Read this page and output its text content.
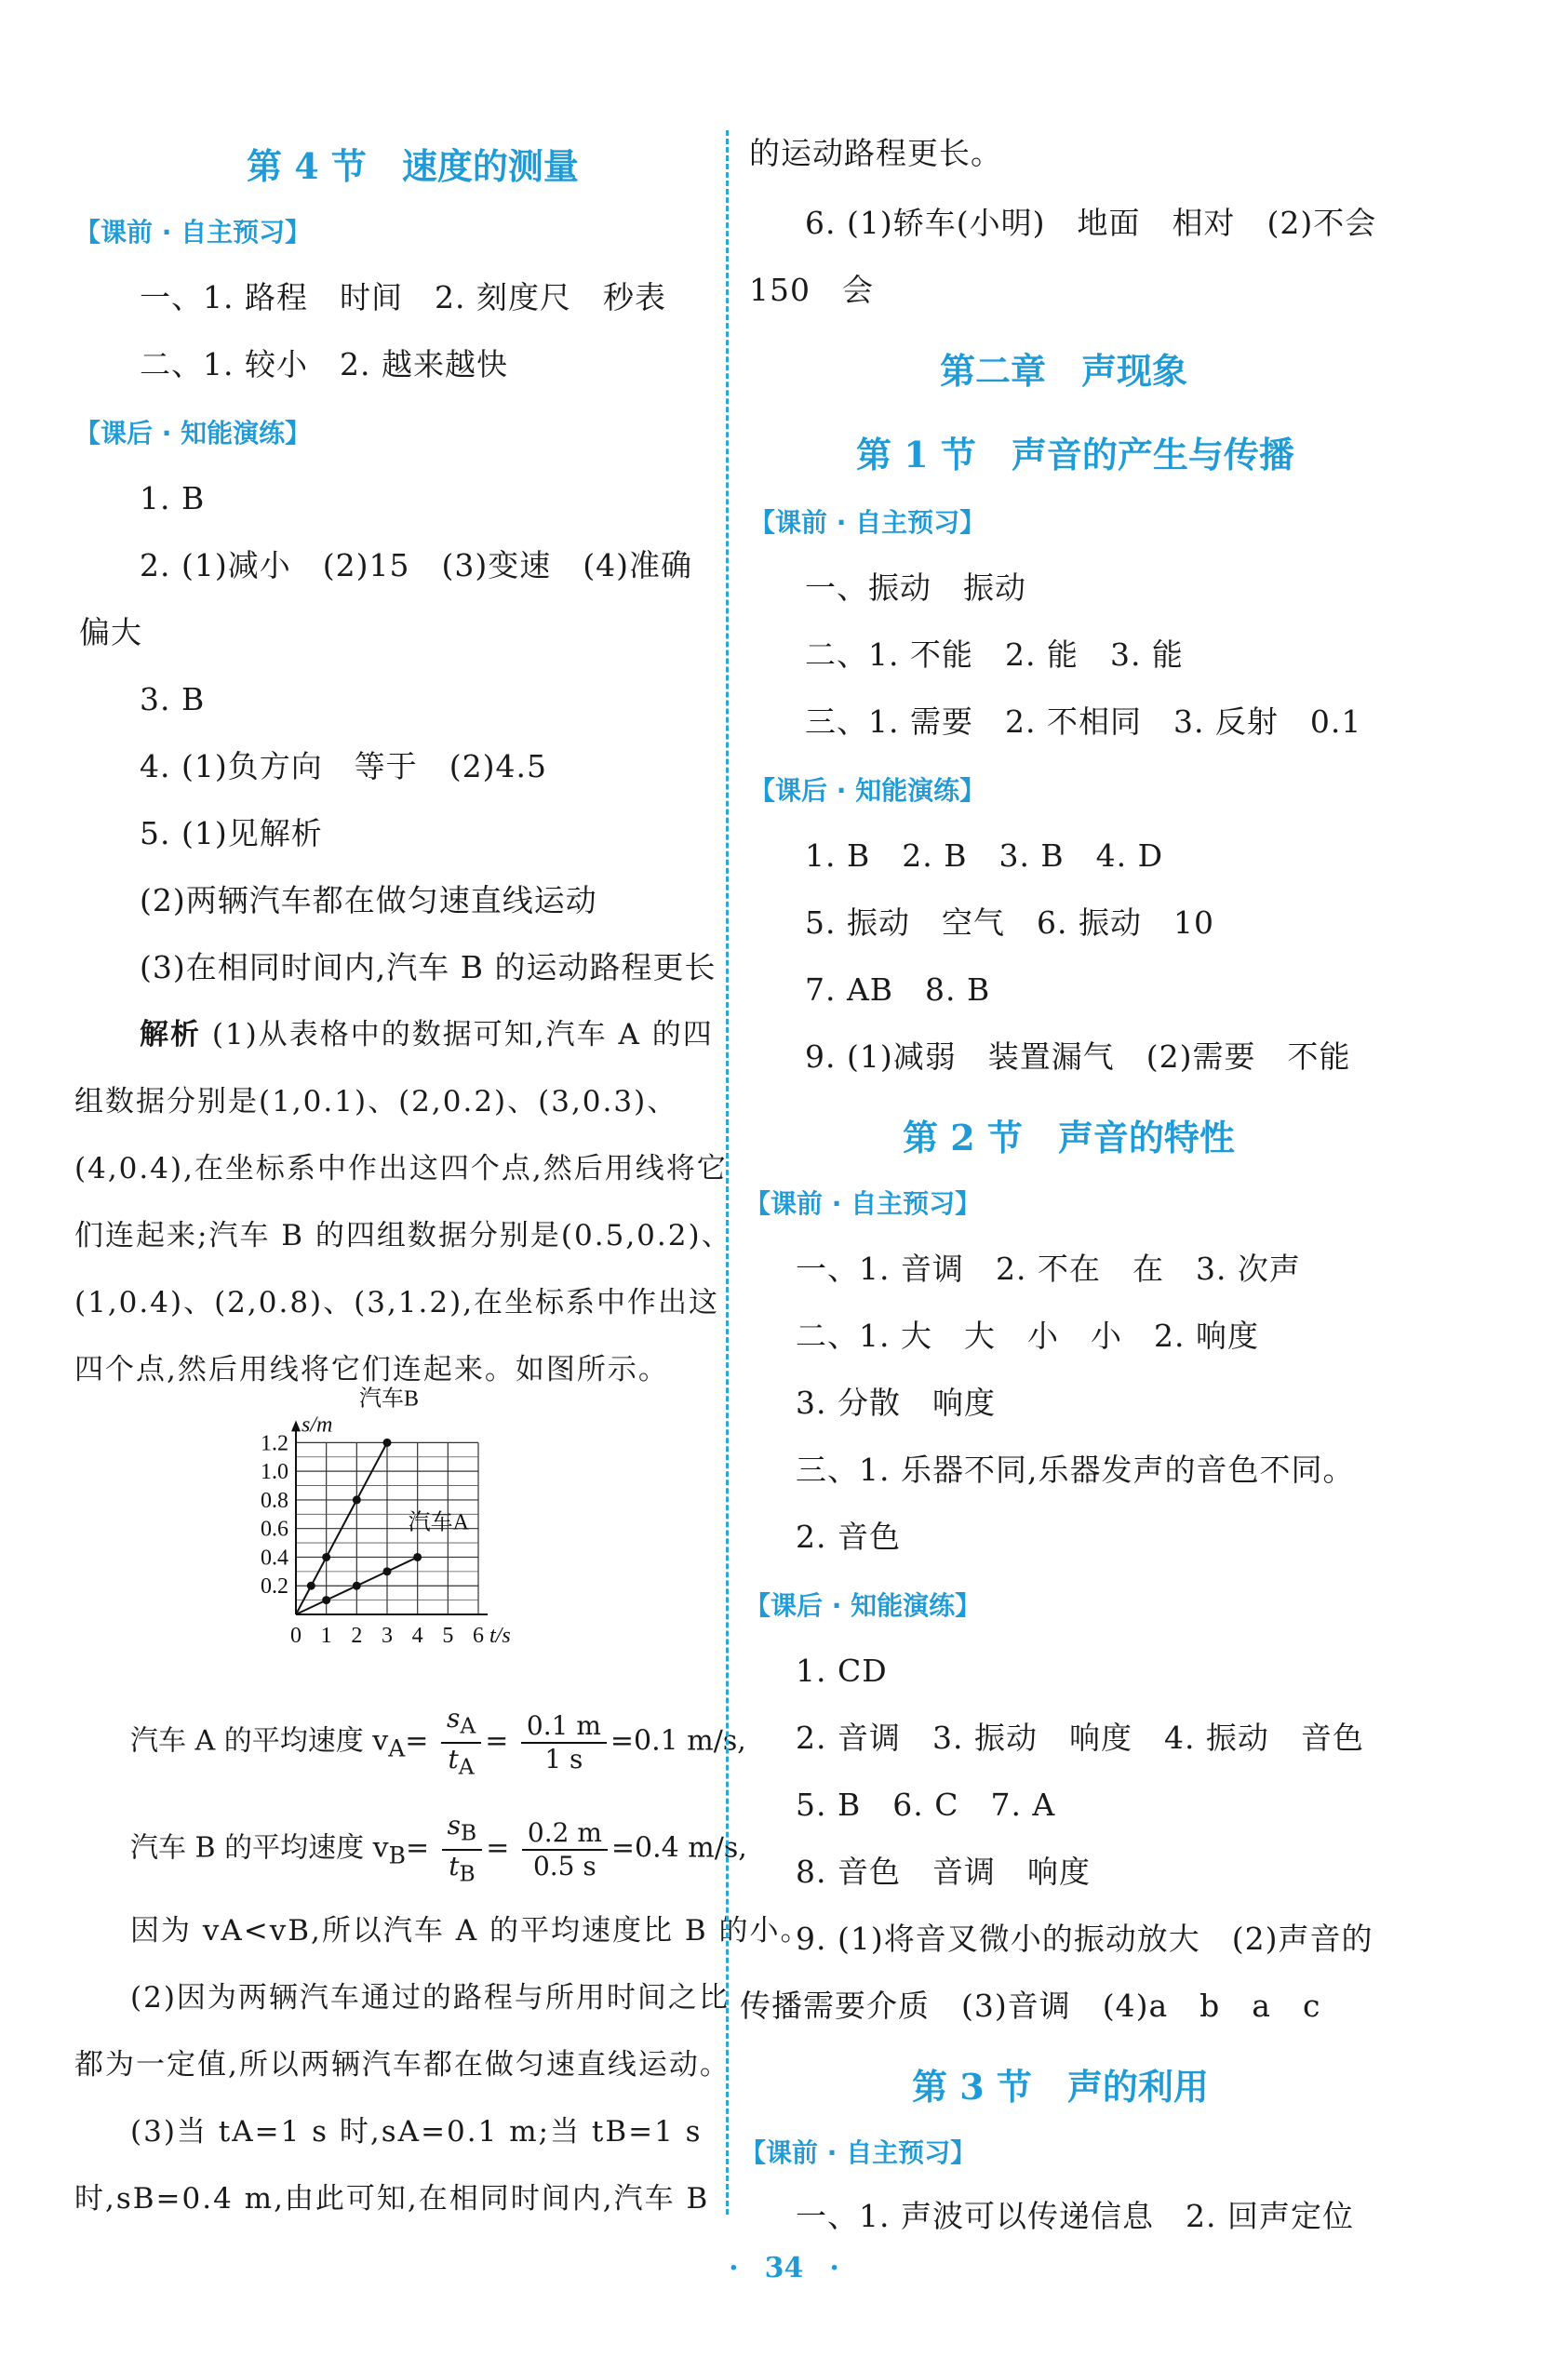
第 4 节　速度的测量
【课前 · 自主预习】
一、1. 路程　时间　2. 刻度尺　秒表
二、1. 较小　2. 越来越快
【课后 · 知能演练】
1. B
2. (1)减小　(2)15　(3)变速　(4)准确
偏大
3. B
4. (1)负方向　等于　(2)4.5
5. (1)见解析
(2)两辆汽车都在做匀速直线运动
(3)在相同时间内,汽车 B 的运动路程更长
解析 (1)从表格中的数据可知,汽车 A 的四
组数据分别是(1,0.1)、(2,0.2)、(3,0.3)、
(4,0.4),在坐标系中作出这四个点,然后用线将它
们连起来;汽车 B 的四组数据分别是(0.5,0.2)、
(1,0.4)、(2,0.8)、(3,1.2),在坐标系中作出这
四个点,然后用线将它们连起来。如图所示。
汽车 A 的平均速度 $v_A= \frac{s_A}{t_A} = \frac{0.1 m}{1 s} =0.1$ m/s,
汽车 B 的平均速度 $v_B= \frac{s_B}{t_B} = \frac{0.2 m}{0.5 s} =0.4$ m/s,
因为 vA<vB,所以汽车 A 的平均速度比 B 的小。
(2)因为两辆汽车通过的路程与所用时间之比
都为一定值,所以两辆汽车都在做匀速直线运动。
(3)当 tA=1 s 时,sA=0.1 m;当 tB=1 s
时,sB=0.4 m,由此可知,在相同时间内,汽车 B
0 1 2 3 4 5 6
0.2
0.4
0.6
0.8
1.0
1.2
t/s
s/m
汽车B
汽车A
的运动路程更长。
6. (1)轿车(小明)　地面　相对　(2)不会
150　会
第二章　声现象
第 1 节　声音的产生与传播
【课前 · 自主预习】
一、振动　振动
二、1. 不能　2. 能　3. 能
三、1. 需要　2. 不相同　3. 反射　0.1
【课后 · 知能演练】
1. B　2. B　3. B　4. D
5. 振动　空气　6. 振动　10
7. AB　8. B
9. (1)减弱　装置漏气　(2)需要　不能
第 2 节　声音的特性
【课前 · 自主预习】
一、1. 音调　2. 不在　在　3. 次声
二、1. 大　大　小　小　2. 响度
3. 分散　响度
三、1. 乐器不同,乐器发声的音色不同。
2. 音色
【课后 · 知能演练】
1. CD
2. 音调　3. 振动　响度　4. 振动　音色
5. B　6. C　7. A
8. 音色　音调　响度
9. (1)将音叉微小的振动放大　(2)声音的
传播需要介质　(3)音调　(4)a　b　a　c
第 3 节　声的利用
【课前 · 自主预习】
一、1. 声波可以传递信息　2. 回声定位
· 34 ·
